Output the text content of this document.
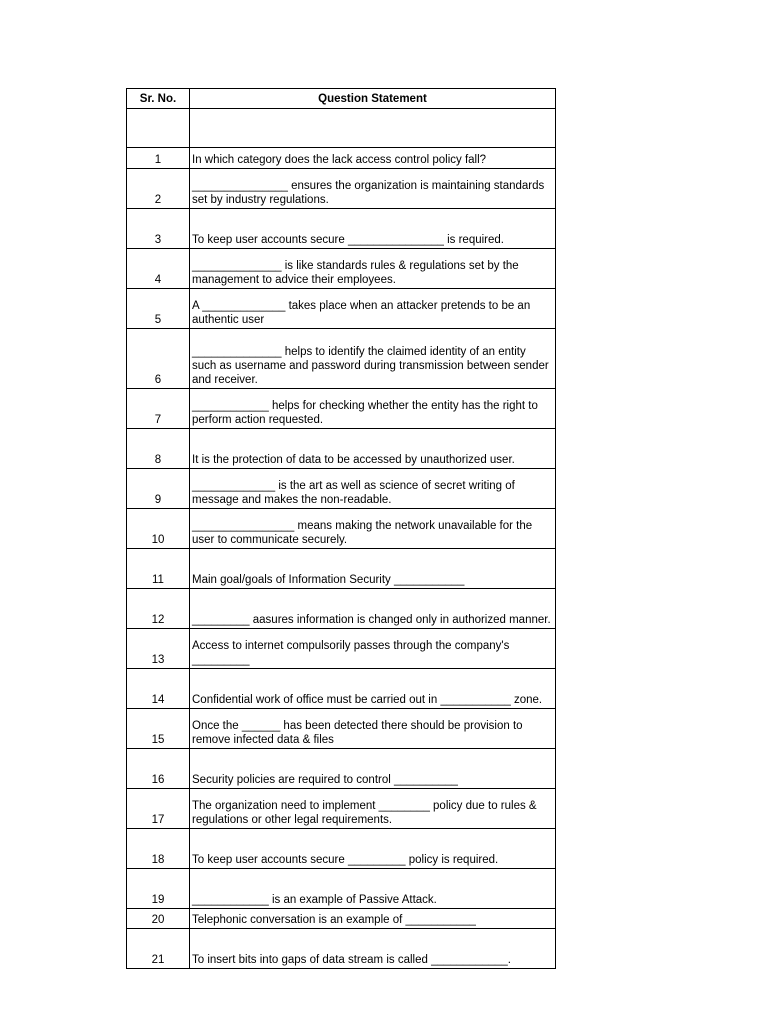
Sr. No.	Question Statement

1	In which category does the lack access control policy fall?
2	_______________ ensures the organization is maintaining standards set by industry regulations.
3	To keep user accounts secure _______________ is required.
4	______________ is like standards rules & regulations set by the management to advice their employees.
5	A _____________ takes place when an attacker pretends to be an authentic user
6	______________ helps to identify the claimed identity of an entity such as username and password during transmission between sender and receiver.
7	____________ helps for checking whether the entity has the right to perform action requested.
8	It is the protection of data to be accessed by unauthorized user.
9	_____________ is the art as well as science of secret writing of message and makes the non-readable.
10	________________ means making the network unavailable for the user to communicate securely.
11	Main goal/goals of Information Security ___________
12	_________ aasures information is changed only in authorized manner.
13	Access to internet compulsorily passes through the company's _________
14	Confidential work of office must be carried out in ___________ zone.
15	Once the ______ has been detected there should be provision to remove infected data & files
16	Security policies are required to control __________
17	The organization need to implement ________ policy due to rules & regulations or other legal requirements.
18	To keep user accounts secure _________ policy is required.
19	____________ is an example of Passive Attack.
20	Telephonic conversation is an example of ___________
21	To insert bits into gaps of data stream is called ____________.
